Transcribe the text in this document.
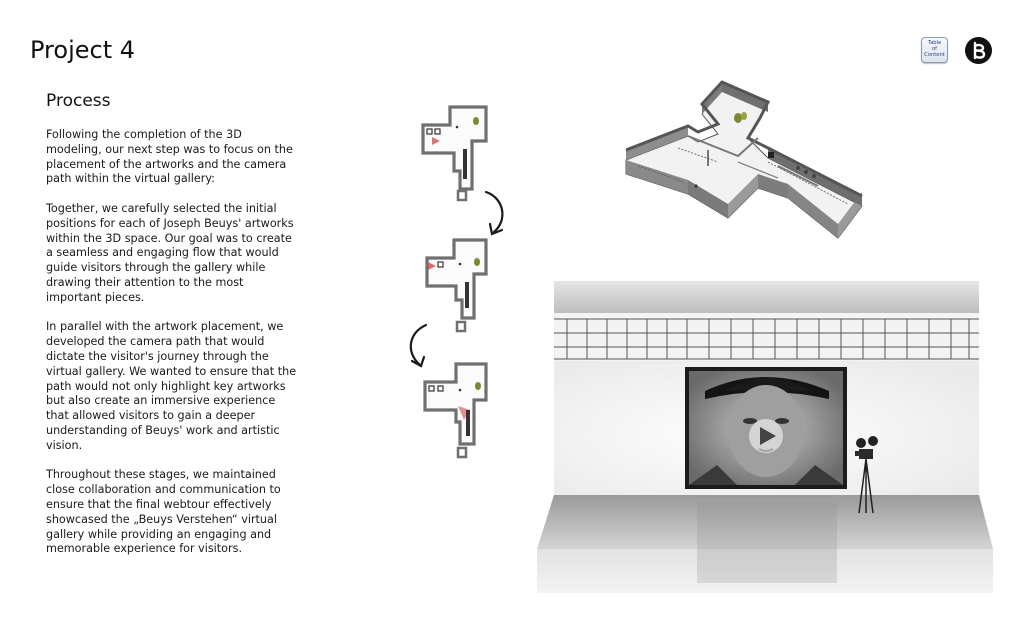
Project 4	Table
of
Content
Process

Following the completion of the 3D modeling, our next step was to focus on the placement of the artworks and the camera path within the virtual gallery:

Together, we carefully selected the initial positions for each of Joseph Beuys' artworks within the 3D space. Our goal was to create a seamless and engaging flow that would guide visitors through the gallery while drawing their attention to the most important pieces.

In parallel with the artwork placement, we developed the camera path that would dictate the visitor's journey through the virtual gallery. We wanted to ensure that the path would not only highlight key artworks but also create an immersive experience that allowed visitors to gain a deeper understanding of Beuys' work and artistic vision.

Throughout these stages, we maintained close collaboration and communication to ensure that the final webtour effectively showcased the „Beuys Verstehen“ virtual gallery while providing an engaging and memorable experience for visitors.
